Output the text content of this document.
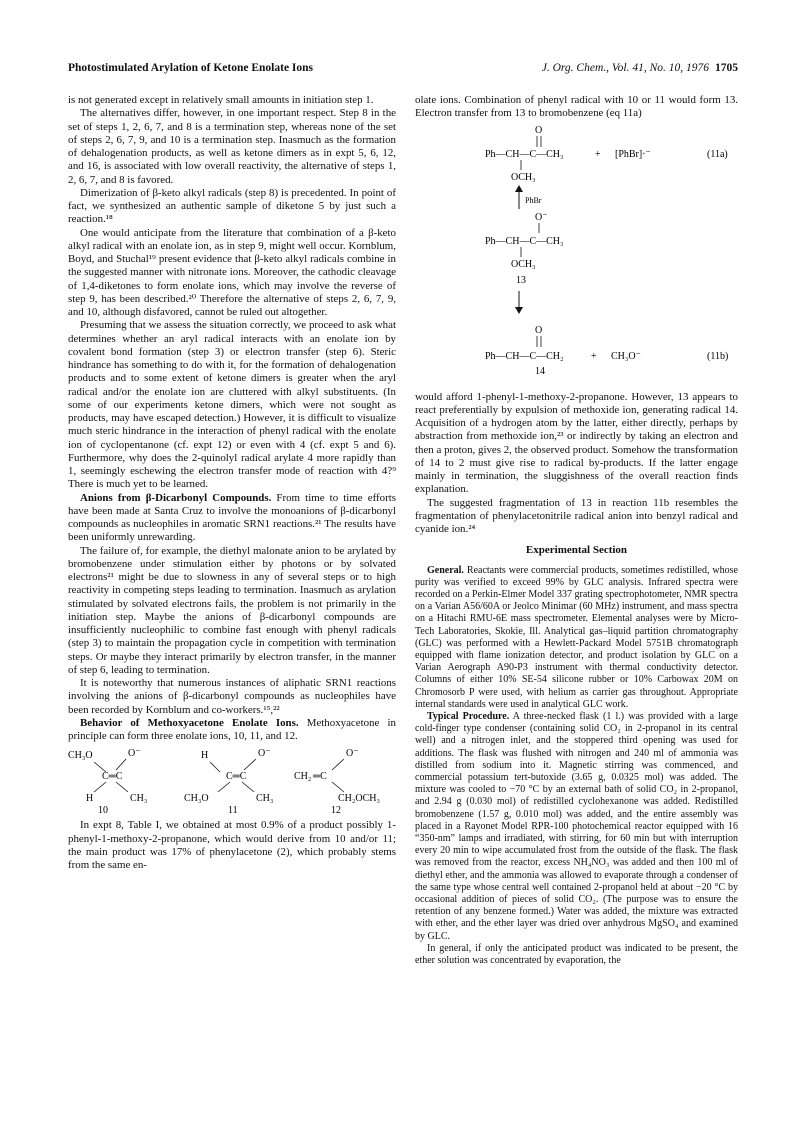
Photostimulated Arylation of Ketone Enolate Ions	J. Org. Chem., Vol. 41, No. 10, 1976 1705

is not generated except in relatively small amounts in initiation step 1.

The alternatives differ, however, in one important respect. Step 8 in the set of steps 1, 2, 6, 7, and 8 is a termination step, whereas none of the set of steps 2, 6, 7, 9, and 10 is a termination step. Inasmuch as the formation of dehalogenation products, as well as ketone dimers as in expt 5, 6, 12, and 16, is associated with low overall reactivity, the alternative of steps 1, 2, 6, 7, and 8 is favored.

Dimerization of β-keto alkyl radicals (step 8) is precedented. In point of fact, we synthesized an authentic sample of diketone 5 by just such a reaction.¹⁸

One would anticipate from the literature that combination of a β-keto alkyl radical with an enolate ion, as in step 9, might well occur. Kornblum, Boyd, and Stuchal¹⁹ present evidence that β-keto alkyl radicals combine in the suggested manner with nitronate ions. Moreover, the cathodic cleavage of 1,4-diketones to form enolate ions, which may involve the reverse of step 9, has been described.²⁰ Therefore the alternative of steps 2, 6, 7, 9, and 10, although disfavored, cannot be ruled out altogether.

Presuming that we assess the situation correctly, we proceed to ask what determines whether an aryl radical interacts with an enolate ion by covalent bond formation (step 3) or electron transfer (step 6). Steric hindrance has something to do with it, for the formation of dehalogenation products and to some extent of ketone dimers is greater when the aryl radical and/or the enolate ion are cluttered with alkyl substituents. (In some of our experiments ketone dimers, which were not sought as products, may have escaped detection.) However, it is difficult to visualize much steric hindrance in the interaction of phenyl radical with the enolate ion of cyclopentanone (cf. expt 12) or even with 4 (cf. expt 5 and 6). Furthermore, why does the 2-quinolyl radical arylate 4 more rapidly than 1, seemingly eschewing the electron transfer mode of reaction with 4?⁹ There is much yet to be learned.

Anions from β-Dicarbonyl Compounds. From time to time efforts have been made at Santa Cruz to involve the monoanions of β-dicarbonyl compounds as nucleophiles in aromatic SRN1 reactions.²¹ The results have been uniformly unrewarding.

The failure of, for example, the diethyl malonate anion to be arylated by bromobenzene under stimulation either by photons or by solvated electrons²¹ might be due to slowness in any of several steps or to high reactivity in competing steps leading to termination. Inasmuch as arylation stimulated by solvated electrons fails, the problem is not primarily in the initiation step. Maybe the anions of β-dicarbonyl compounds are insufficiently nucleophilic to combine fast enough with phenyl radicals (step 3) to maintain the propagation cycle in competition with termination steps. Or maybe they interact primarily by electron transfer, in the manner of step 6, leading to termination.

It is noteworthy that numerous instances of aliphatic SRN1 reactions involving the anions of β-dicarbonyl compounds as nucleophiles have been recorded by Kornblum and co-workers.¹⁵,²²

Behavior of Methoxyacetone Enolate Ions. Methoxyacetone in principle can form three enolate ions, 10, 11, and 12.

CH₃O	O⁻
C═C
H	CH₃
10
H	O⁻
C═C
CH₃O	CH₃
11
CH₂ ═C
O⁻
CH₂OCH₃
12

In expt 8, Table I, we obtained at most 0.9% of a product possibly 1-phenyl-1-methoxy-2-propanone, which would derive from 10 and/or 11; the main product was 17% of phenylacetone (2), which probably stems from the same en-

olate ions. Combination of phenyl radical with 10 or 11 would form 13. Electron transfer from 13 to bromobenzene (eq 11a)

O
Ph—CH—C—CH₃	+ [PhBr]·⁻	(11a)
OCH₃
PhBr
O⁻
Ph—CH—C—CH₃
OCH₃
13
O
Ph—CH—C—CH₂	+ CH₃O⁻	(11b)
14

would afford 1-phenyl-1-methoxy-2-propanone. However, 13 appears to react preferentially by expulsion of methoxide ion, generating radical 14. Acquisition of a hydrogen atom by the latter, either directly, perhaps by abstraction from methoxide ion,²³ or indirectly by taking an electron and then a proton, gives 2, the observed product. Somehow the transformation of 14 to 2 must give rise to radical by-products. If the latter engage mainly in termination, the sluggishness of the overall reaction finds explanation.

The suggested fragmentation of 13 in reaction 11b resembles the fragmentation of phenylacetonitrile radical anion into benzyl radical and cyanide ion.²⁴

Experimental Section

General. Reactants were commercial products, sometimes redistilled, whose purity was verified to exceed 99% by GLC analysis. Infrared spectra were recorded on a Perkin-Elmer Model 337 grating spectrophotometer, NMR spectra on a Varian A56/60A or Jeolco Minimar (60 MHz) instrument, and mass spectra on a Hitachi RMU-6E mass spectrometer. Elemental analyses were by Micro-Tech Laboratories, Skokie, Ill. Analytical gas–liquid partition chromatography (GLC) was performed with a Hewlett-Packard Model 5751B chromatograph equipped with flame ionization detector, and product isolation by GLC on a Varian Aerograph A90-P3 instrument with thermal conductivity detector. Columns of either 10% SE-54 silicone rubber or 10% Carbowax 20M on Chromosorb P were used, with helium as carrier gas throughout. Appropriate internal standards were used in analytical GLC work.

Typical Procedure. A three-necked flask (1 l.) was provided with a large cold-finger type condenser (containing solid CO₂ in 2-propanol in its central well) and a nitrogen inlet, and the stoppered third opening was used for additions. The flask was flushed with nitrogen and 240 ml of ammonia was distilled from sodium into it. Magnetic stirring was commenced, and commercial potassium tert-butoxide (3.65 g, 0.0325 mol) was added. The mixture was cooled to −70 °C by an external bath of solid CO₂ in 2-propanol, and 2.94 g (0.030 mol) of redistilled cyclohexanone was added. Redistilled bromobenzene (1.57 g, 0.010 mol) was added, and the entire assembly was placed in a Rayonet Model RPR-100 photochemical reactor equipped with 16 “350-nm” lamps and irradiated, with stirring, for 60 min but with interruption every 20 min to wipe accumulated frost from the outside of the flask. The flask was removed from the reactor, excess NH₄NO₃ was added and then 100 ml of diethyl ether, and the ammonia was allowed to evaporate through a condenser of the same type whose central well contained 2-propanol held at about −20 °C by occasional addition of pieces of solid CO₂. (The purpose was to ensure the retention of any benzene formed.) Water was added, the mixture was extracted with ether, and the ether layer was dried over anhydrous MgSO₄ and examined by GLC.

In general, if only the anticipated product was indicated to be present, the ether solution was concentrated by evaporation, the
